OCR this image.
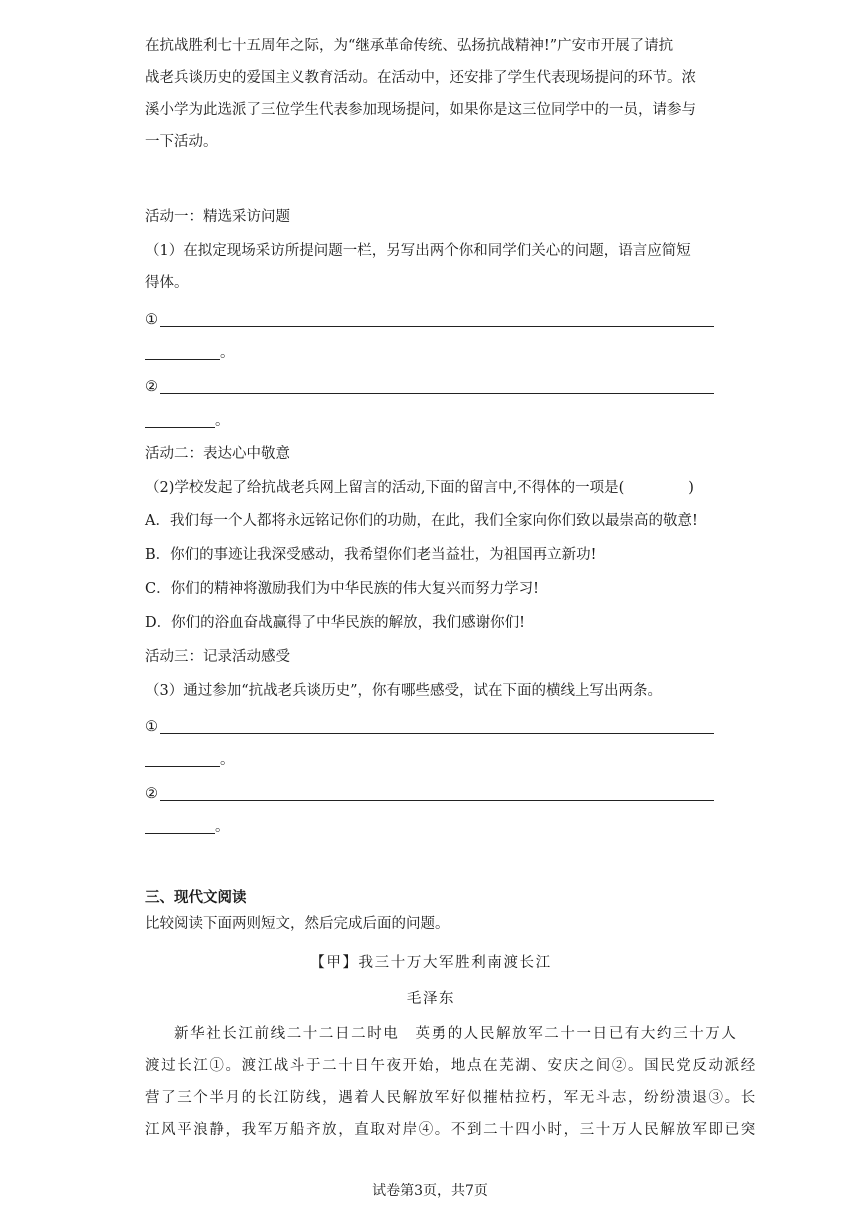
在抗战胜利七十五周年之际，为“继承革命传统、弘扬抗战精神!”广安市开展了请抗
战老兵谈历史的爱国主义教育活动。在活动中，还安排了学生代表现场提问的环节。浓
溪小学为此选派了三位学生代表参加现场提问，如果你是这三位同学中的一员，请参与
一下活动。
活动一：精选采访问题
（1）在拟定现场采访所提问题一栏，另写出两个你和同学们关心的问题，语言应简短
得体。
①
。
②
。
活动二：表达心中敬意
（2)学校发起了给抗战老兵网上留言的活动,下面的留言中,不得体的一项是(	)
A．我们每一个人都将永远铭记你们的功勋，在此，我们全家向你们致以最崇高的敬意!
B．你们的事迹让我深受感动，我希望你们老当益壮，为祖国再立新功!
C．你们的精神将激励我们为中华民族的伟大复兴而努力学习!
D．你们的浴血奋战赢得了中华民族的解放，我们感谢你们!
活动三：记录活动感受
（3）通过参加“抗战老兵谈历史”，你有哪些感受，试在下面的横线上写出两条。
①
。
②
。
三、现代文阅读
比较阅读下面两则短文，然后完成后面的问题。
【甲】我三十万大军胜利南渡长江
毛泽东
新华社长江前线二十二日二时电　英勇的人民解放军二十一日已有大约三十万人
渡过长江①。渡江战斗于二十日午夜开始，地点在芜湖、安庆之间②。国民党反动派经
营了三个半月的长江防线，遇着人民解放军好似摧枯拉朽，军无斗志，纷纷溃退③。长
江风平浪静，我军万船齐放，直取对岸④。不到二十四小时，三十万人民解放军即已突
试卷第3页，共7页
